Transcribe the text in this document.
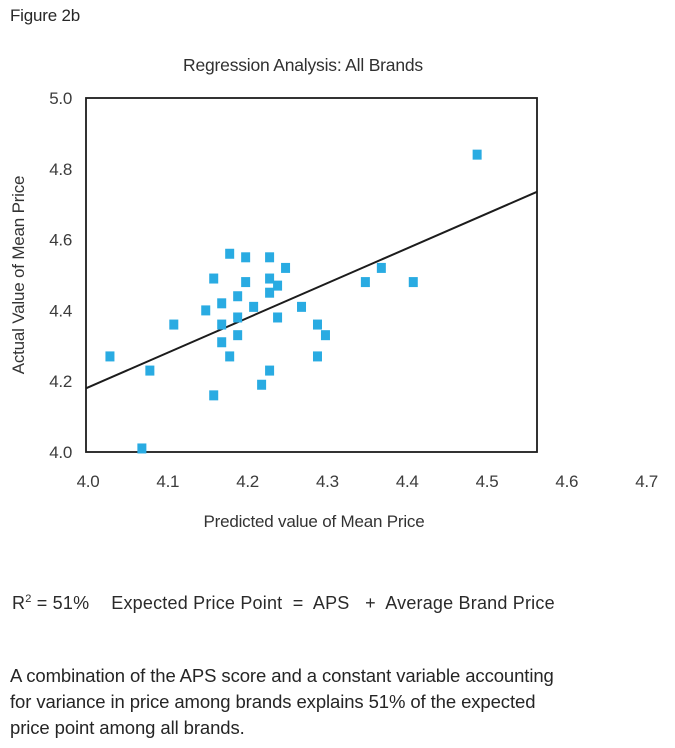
Figure 2b
5.0
4.8
4.6
4.4
4.2
4.0
4.0	4.1	4.2	4.3	4.4	4.5	4.6	4.7
Regression Analysis: All Brands
Predicted value of Mean Price
Actual Value of Mean Price
$R^2 = 51\%$ Expected Price Point  =  APS   +  Average Brand Price
A combination of the APS score and a constant variable accounting
for variance in price among brands explains 51% of the expected
price point among all brands.
